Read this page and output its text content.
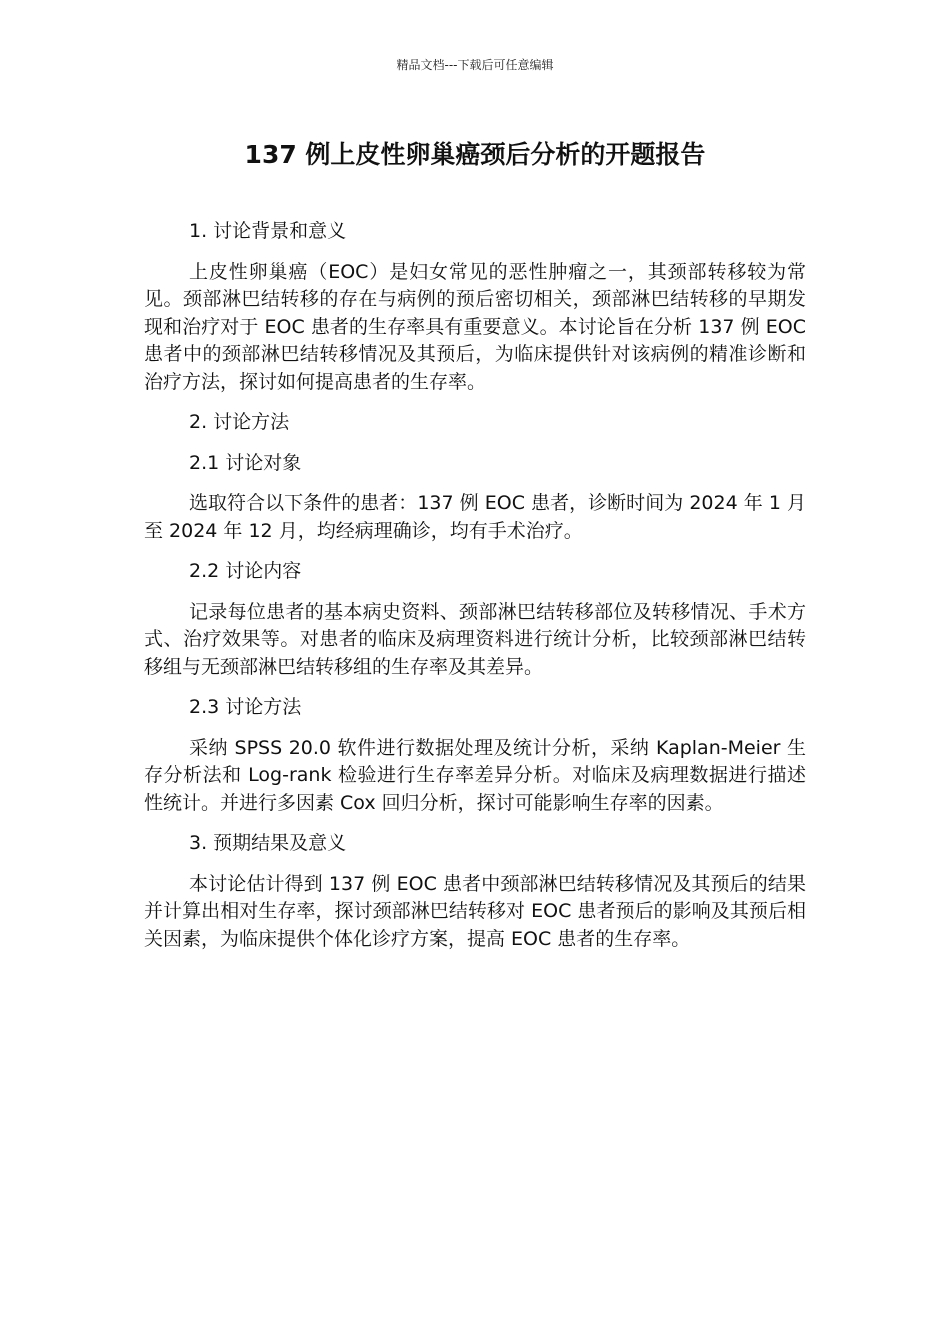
精品文档---下载后可任意编辑
137 例上皮性卵巢癌颈后分析的开题报告

1. 讨论背景和意义

上皮性卵巢癌（EOC）是妇女常见的恶性肿瘤之一，其颈部转移较为常见。颈部淋巴结转移的存在与病例的预后密切相关，颈部淋巴结转移的早期发现和治疗对于 EOC 患者的生存率具有重要意义。本讨论旨在分析 137 例 EOC 患者中的颈部淋巴结转移情况及其预后，为临床提供针对该病例的精准诊断和治疗方法，探讨如何提高患者的生存率。

2. 讨论方法

2.1 讨论对象

选取符合以下条件的患者：137 例 EOC 患者，诊断时间为 2024 年 1 月至 2024 年 12 月，均经病理确诊，均有手术治疗。

2.2 讨论内容

记录每位患者的基本病史资料、颈部淋巴结转移部位及转移情况、手术方式、治疗效果等。对患者的临床及病理资料进行统计分析，比较颈部淋巴结转移组与无颈部淋巴结转移组的生存率及其差异。

2.3 讨论方法

采纳 SPSS 20.0 软件进行数据处理及统计分析，采纳 Kaplan-Meier 生存分析法和 Log-rank 检验进行生存率差异分析。对临床及病理数据进行描述性统计。并进行多因素 Cox 回归分析，探讨可能影响生存率的因素。

3. 预期结果及意义

本讨论估计得到 137 例 EOC 患者中颈部淋巴结转移情况及其预后的结果并计算出相对生存率，探讨颈部淋巴结转移对 EOC 患者预后的影响及其预后相关因素，为临床提供个体化诊疗方案，提高 EOC 患者的生存率。
